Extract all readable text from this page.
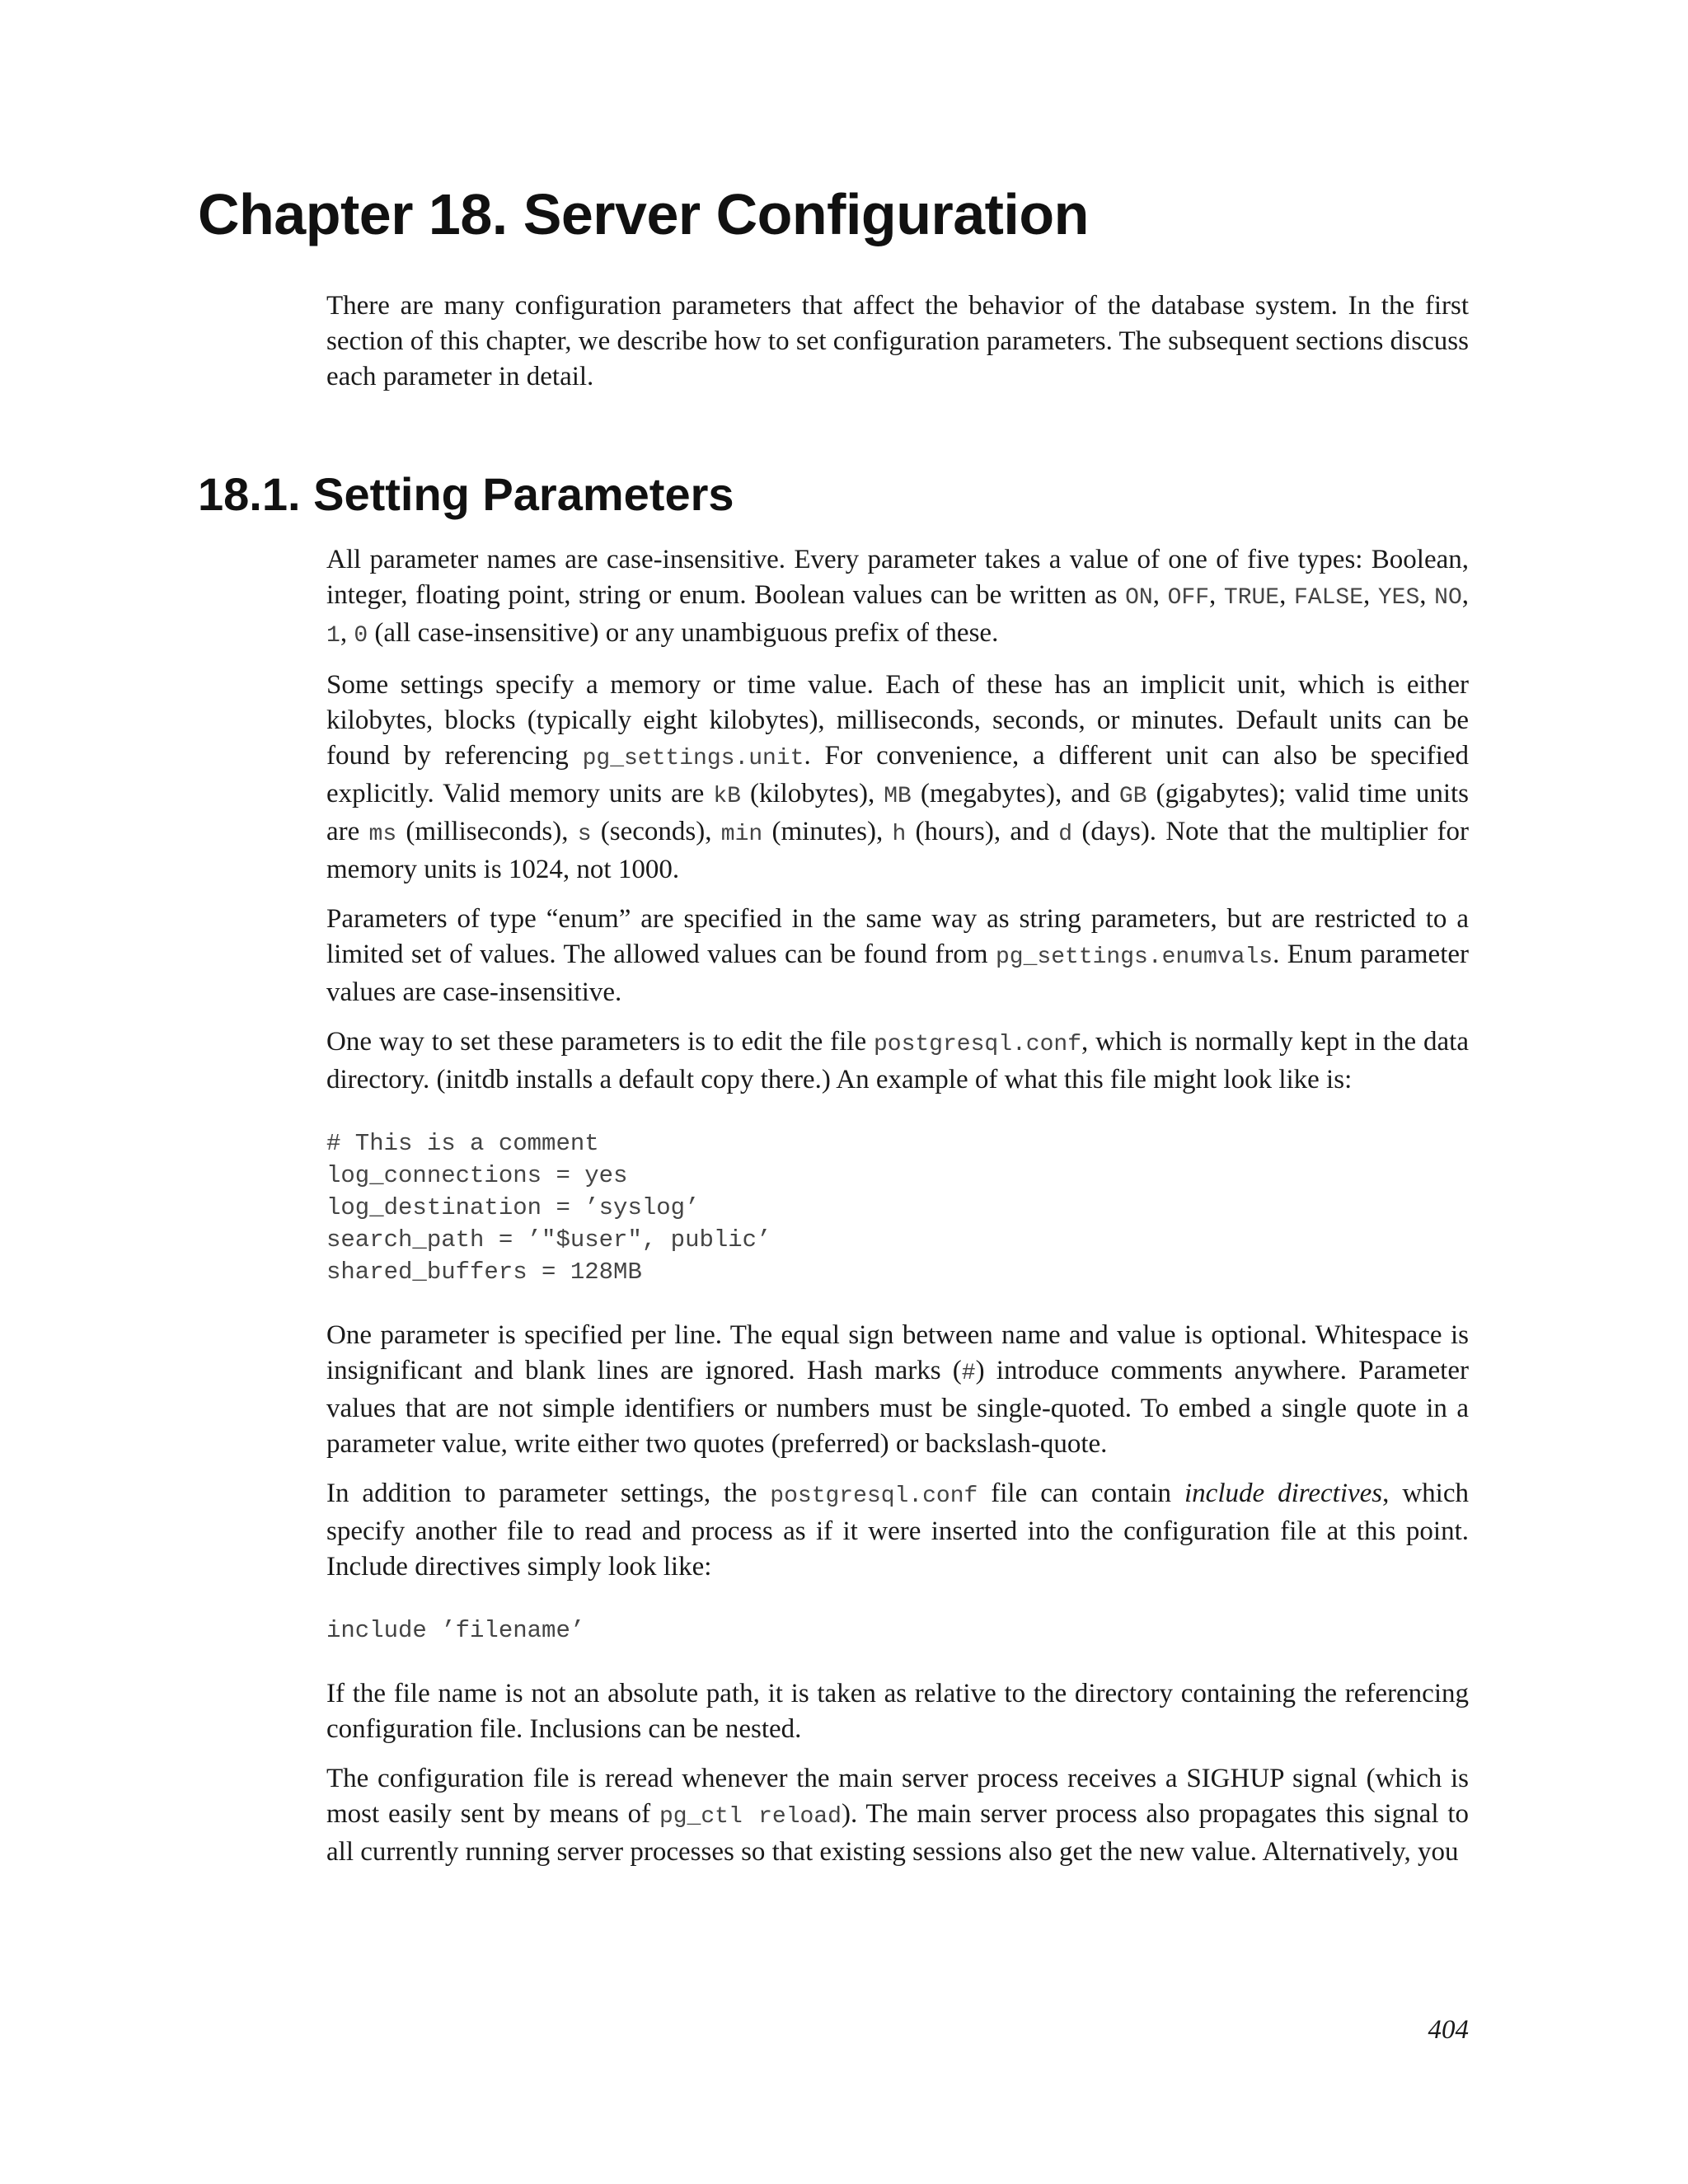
Chapter 18. Server Configuration

There are many configuration parameters that affect the behavior of the database system. In the first section of this chapter, we describe how to set configuration parameters. The subsequent sections discuss each parameter in detail.

18.1. Setting Parameters

All parameter names are case-insensitive. Every parameter takes a value of one of five types: Boolean, integer, floating point, string or enum. Boolean values can be written as ON, OFF, TRUE, FALSE, YES, NO, 1, 0 (all case-insensitive) or any unambiguous prefix of these.

Some settings specify a memory or time value. Each of these has an implicit unit, which is either kilobytes, blocks (typically eight kilobytes), milliseconds, seconds, or minutes. Default units can be found by referencing pg_settings.unit. For convenience, a different unit can also be specified explicitly. Valid memory units are kB (kilobytes), MB (megabytes), and GB (gigabytes); valid time units are ms (milliseconds), s (seconds), min (minutes), h (hours), and d (days). Note that the multiplier for memory units is 1024, not 1000.

Parameters of type “enum” are specified in the same way as string parameters, but are restricted to a limited set of values. The allowed values can be found from pg_settings.enumvals. Enum parameter values are case-insensitive.

One way to set these parameters is to edit the file postgresql.conf, which is normally kept in the data directory. (initdb installs a default copy there.) An example of what this file might look like is:

# This is a comment
log_connections = yes
log_destination = ’syslog’
search_path = ’"$user", public’
shared_buffers = 128MB

One parameter is specified per line. The equal sign between name and value is optional. Whitespace is insignificant and blank lines are ignored. Hash marks (#) introduce comments anywhere. Parameter values that are not simple identifiers or numbers must be single-quoted. To embed a single quote in a parameter value, write either two quotes (preferred) or backslash-quote.

In addition to parameter settings, the postgresql.conf file can contain include directives, which specify another file to read and process as if it were inserted into the configuration file at this point. Include directives simply look like:

include ’filename’

If the file name is not an absolute path, it is taken as relative to the directory containing the referencing configuration file. Inclusions can be nested.

The configuration file is reread whenever the main server process receives a SIGHUP signal (which is most easily sent by means of pg_ctl reload). The main server process also propagates this signal to all currently running server processes so that existing sessions also get the new value. Alternatively, you

404
